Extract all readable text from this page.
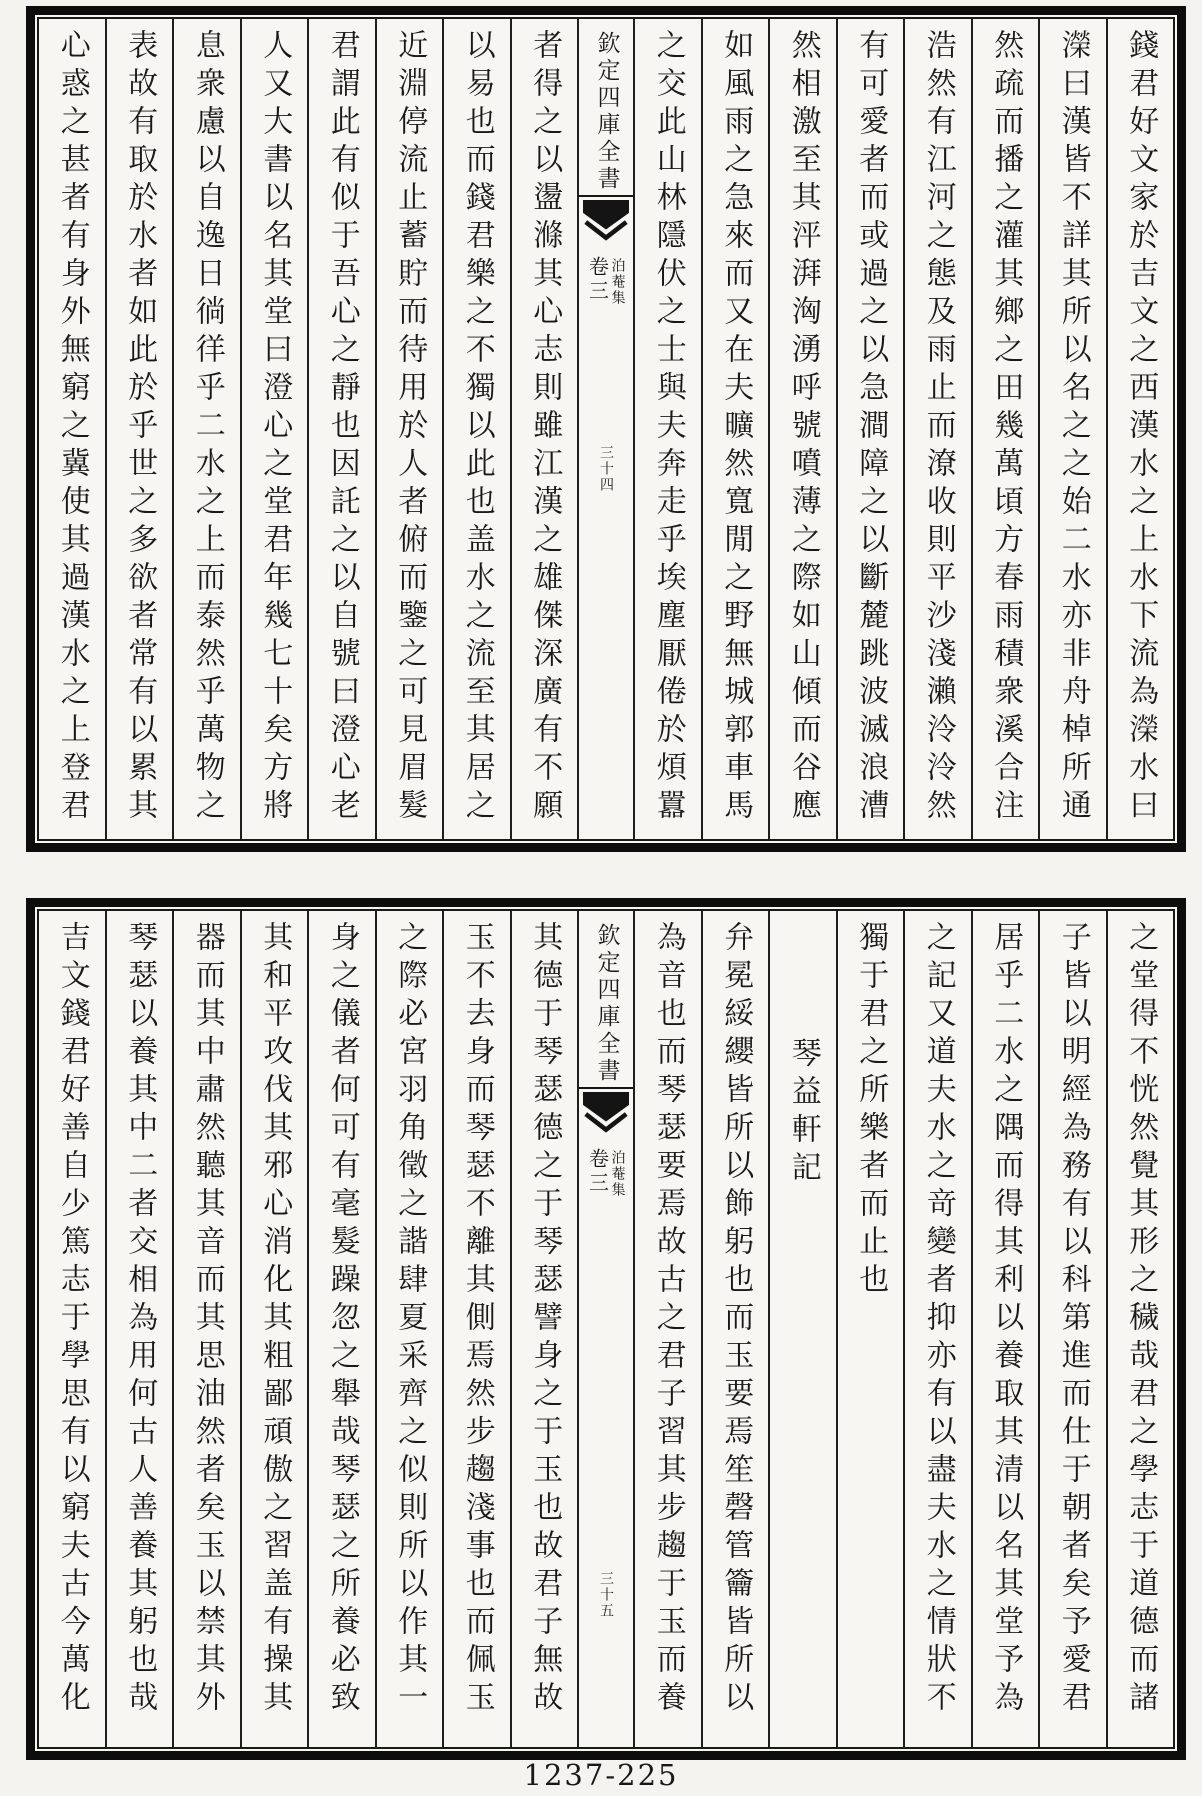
錢君好文家於吉文之西漢水之上水下流為濚水曰
濚曰漢皆不詳其所以名之之始二水亦非舟棹所通
然疏而播之灌其鄉之田幾萬頃方春雨積衆溪合注
浩然有江河之態及雨止而潦收則平沙淺瀨泠泠然
有可愛者而或過之以急澗障之以斷麓跳波滅浪漕
然相激至其泙湃洶湧呼號噴薄之際如山傾而谷應
如風雨之急來而又在夫曠然寬閒之野無城郭車馬
之交此山林隱伏之士與夫奔走乎埃塵厭倦於煩囂
欽定四庫全書
卷三 泊菴集
三十四
者得之以盪滌其心志則雖江漢之雄傑深廣有不願
以易也而錢君樂之不獨以此也盖水之流至其居之
近淵停流止蓄貯而待用於人者俯而鑒之可見眉髮
君謂此有似于吾心之靜也因託之以自號曰澄心老
人又大書以名其堂曰澄心之堂君年幾七十矣方將
息衆慮以自逸日徜徉乎二水之上而泰然乎萬物之
表故有取於水者如此於乎世之多欲者常有以累其
心惑之甚者有身外無窮之冀使其過漢水之上登君
之堂得不恍然覺其形之穢哉君之學志于道德而諸
子皆以明經為務有以科第進而仕于朝者矣予愛君
居乎二水之隅而得其利以養取其清以名其堂予為
之記又道夫水之竒變者抑亦有以盡夫水之情狀不
獨于君之所樂者而止也
琴益軒記
弁冕綏纓皆所以飾躬也而玉要焉笙磬管籥皆所以
為音也而琴瑟要焉故古之君子習其步趨于玉而養
欽定四庫全書
卷三 泊菴集
三十五
其德于琴瑟德之于琴瑟譬身之于玉也故君子無故
玉不去身而琴瑟不離其側焉然步趨淺事也而佩玉
之際必宮羽角徵之諧肆夏采齊之似則所以作其一
身之儀者何可有毫髮躁忽之舉哉琴瑟之所養必致
其和平攻伐其邪心消化其粗鄙頑傲之習盖有操其
器而其中肅然聽其音而其思油然者矣玉以禁其外
琴瑟以養其中二者交相為用何古人善養其躬也哉
吉文錢君好善自少篤志于學思有以窮夫古今萬化
1237-225
